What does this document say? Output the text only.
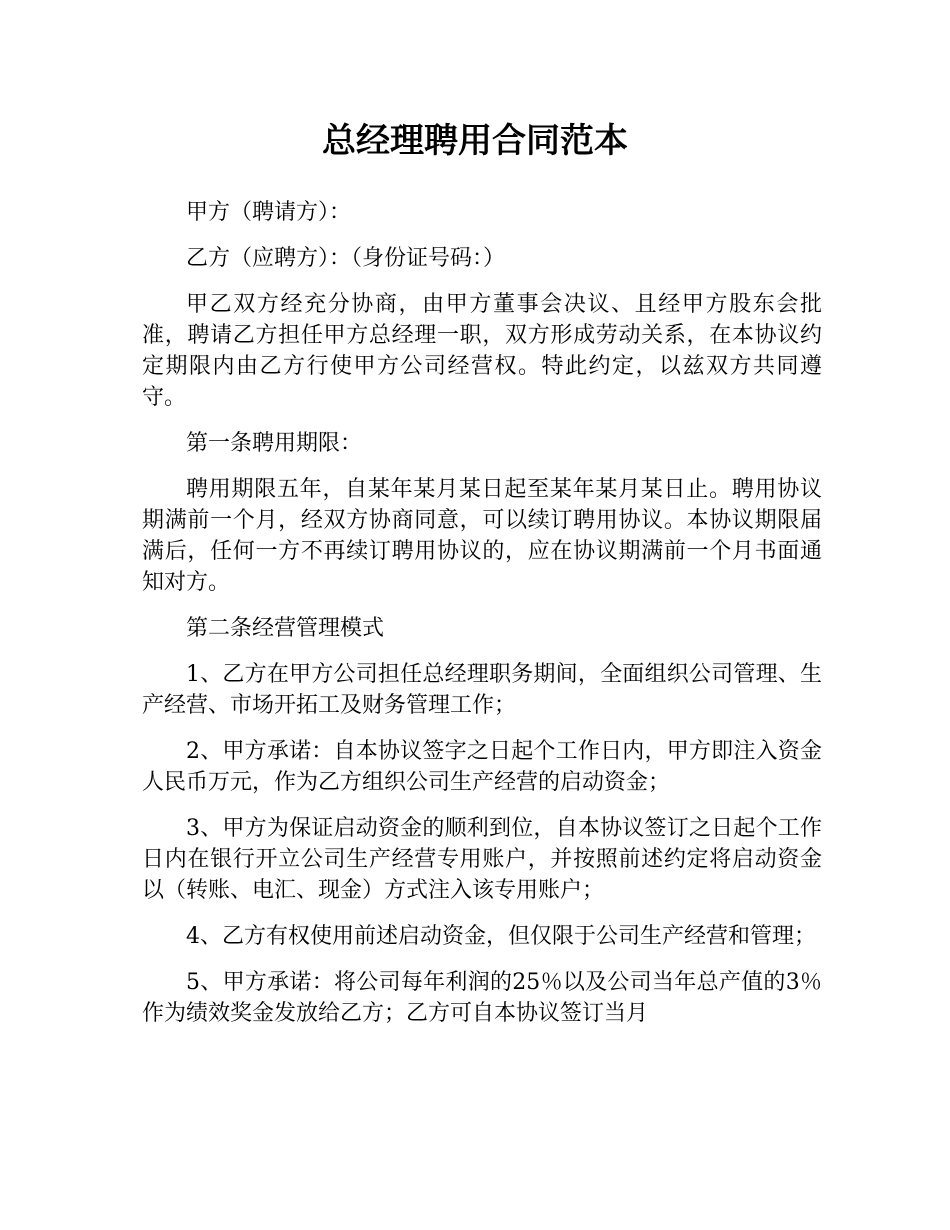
总经理聘用合同范本

甲方（聘请方）：

乙方（应聘方）：（身份证号码：）

甲乙双方经充分协商，由甲方董事会决议、且经甲方股东会批准，聘请乙方担任甲方总经理一职，双方形成劳动关系，在本协议约定期限内由乙方行使甲方公司经营权。特此约定，以兹双方共同遵守。

第一条聘用期限：

聘用期限五年，自某年某月某日起至某年某月某日止。聘用协议期满前一个月，经双方协商同意，可以续订聘用协议。本协议期限届满后，任何一方不再续订聘用协议的，应在协议期满前一个月书面通知对方。

第二条经营管理模式

1、乙方在甲方公司担任总经理职务期间，全面组织公司管理、生产经营、市场开拓工及财务管理工作；

2、甲方承诺：自本协议签字之日起个工作日内，甲方即注入资金人民币万元，作为乙方组织公司生产经营的启动资金；

3、甲方为保证启动资金的顺利到位，自本协议签订之日起个工作日内在银行开立公司生产经营专用账户，并按照前述约定将启动资金以（转账、电汇、现金）方式注入该专用账户；

4、乙方有权使用前述启动资金，但仅限于公司生产经营和管理；

5、甲方承诺：将公司每年利润的25％以及公司当年总产值的3％作为绩效奖金发放给乙方；乙方可自本协议签订当月
